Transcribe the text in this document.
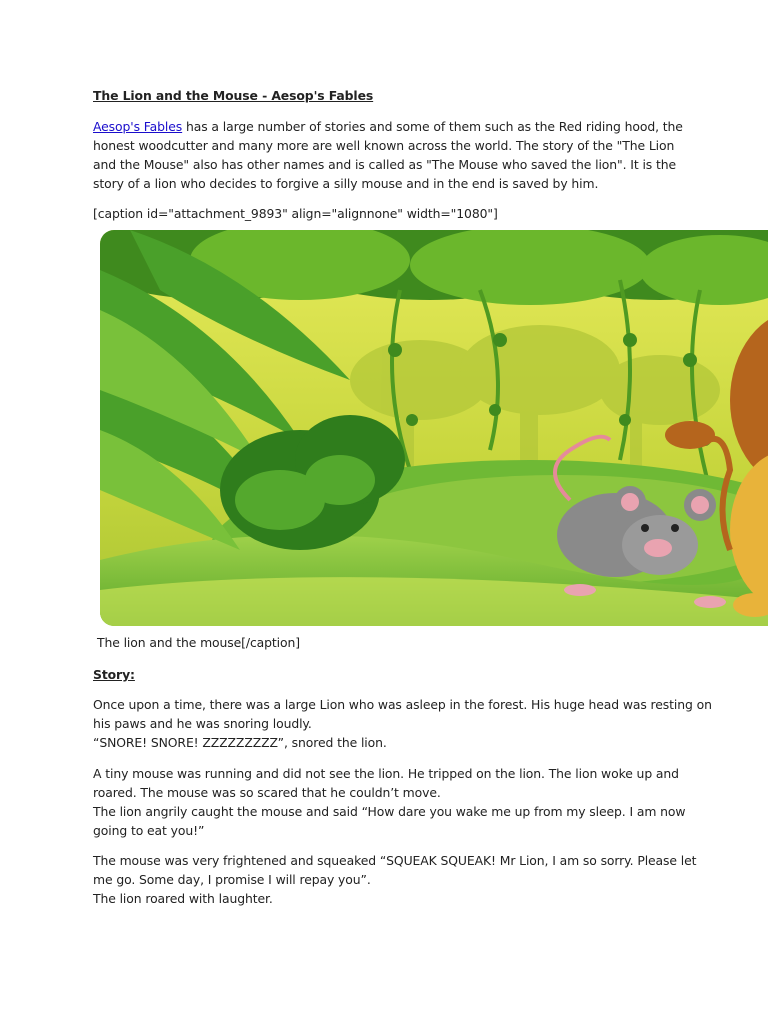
The Lion and the Mouse - Aesop's Fables
Aesop's Fables has a large number of stories and some of them such as the Red riding hood, the honest woodcutter and many more are well known across the world. The story of the "The Lion and the Mouse" also has other names and is called as "The Mouse who saved the lion". It is the story of a lion who decides to forgive a silly mouse and in the end is saved by him.
[caption id="attachment_9893" align="alignnone" width="1080"]
The lion and the mouse[/caption]
Story:
Once upon a time, there was a large Lion who was asleep in the forest. His huge head was resting on
his paws and he was snoring loudly.
“SNORE! SNORE! ZZZZZZZZZ”, snored the lion.
A tiny mouse was running and did not see the lion. He tripped on the lion. The lion woke up and
roared. The mouse was so scared that he couldn’t move.
The lion angrily caught the mouse and said “How dare you wake me up from my sleep. I am now
going to eat you!”
The mouse was very frightened and squeaked “SQUEAK SQUEAK! Mr Lion, I am so sorry. Please let
me go. Some day, I promise I will repay you”.
The lion roared with laughter.
